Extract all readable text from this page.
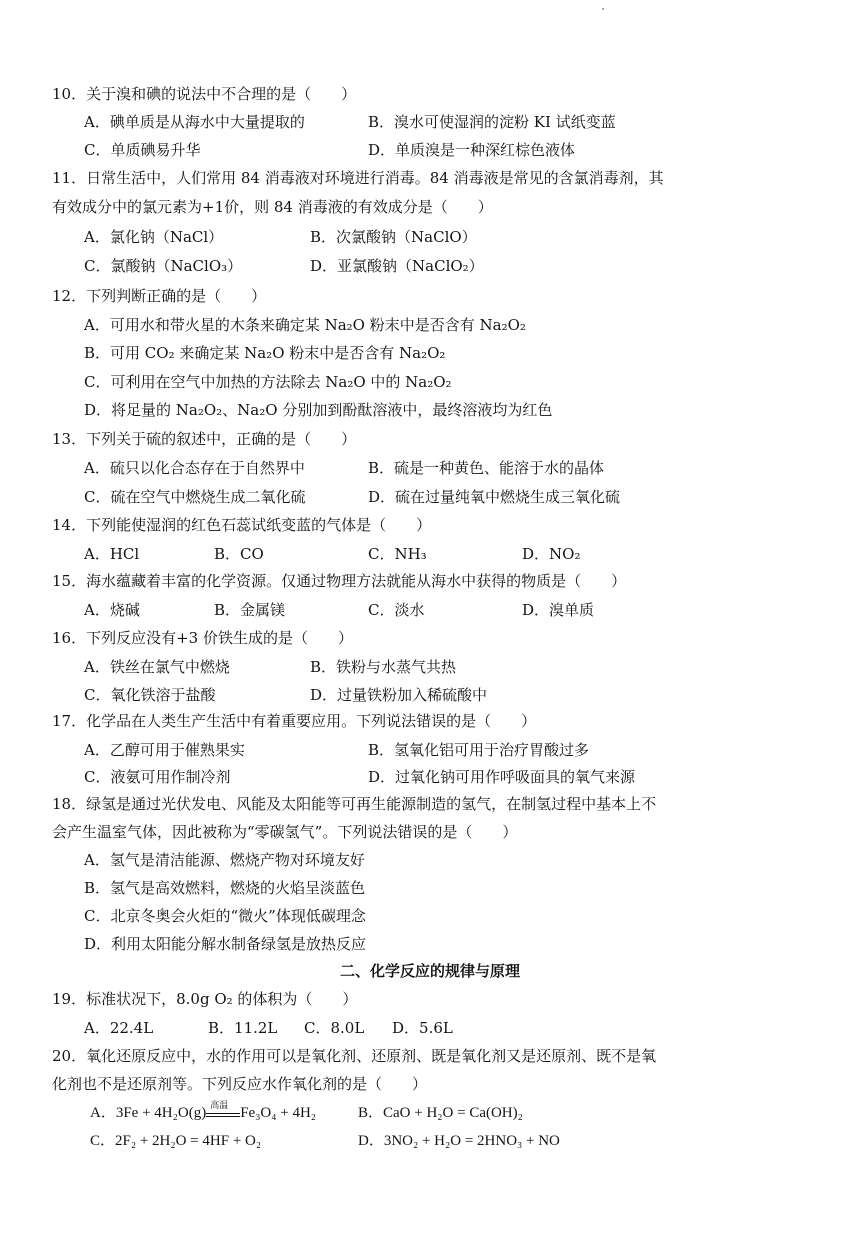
10．关于溴和碘的说法中不合理的是（　　）
A．碘单质是从海水中大量提取的	B．溴水可使湿润的淀粉 KI 试纸变蓝
C．单质碘易升华	D．单质溴是一种深红棕色液体
11．日常生活中，人们常用 84 消毒液对环境进行消毒。84 消毒液是常见的含氯消毒剂，其
有效成分中的氯元素为+1价，则 84 消毒液的有效成分是（　　）
A．氯化钠（NaCl）	B．次氯酸钠（NaClO）
C．氯酸钠（NaClO₃）	D．亚氯酸钠（NaClO₂）
12．下列判断正确的是（　　）
A．可用水和带火星的木条来确定某 Na₂O 粉末中是否含有 Na₂O₂
B．可用 CO₂ 来确定某 Na₂O 粉末中是否含有 Na₂O₂
C．可利用在空气中加热的方法除去 Na₂O 中的 Na₂O₂
D．将足量的 Na₂O₂、Na₂O 分别加到酚酞溶液中，最终溶液均为红色
13．下列关于硫的叙述中，正确的是（　　）
A．硫只以化合态存在于自然界中	B．硫是一种黄色、能溶于水的晶体
C．硫在空气中燃烧生成二氧化硫	D．硫在过量纯氧中燃烧生成三氧化硫
14．下列能使湿润的红色石蕊试纸变蓝的气体是（　　）
A．HCl	B．CO	C．NH₃	D．NO₂
15．海水蕴藏着丰富的化学资源。仅通过物理方法就能从海水中获得的物质是（　　）
A．烧碱	B．金属镁	C．淡水	D．溴单质
16．下列反应没有+3 价铁生成的是（　　）
A．铁丝在氯气中燃烧	B．铁粉与水蒸气共热
C．氧化铁溶于盐酸	D．过量铁粉加入稀硫酸中
17．化学品在人类生产生活中有着重要应用。下列说法错误的是（　　）
A．乙醇可用于催熟果实	B．氢氧化铝可用于治疗胃酸过多
C．液氨可用作制冷剂	D．过氧化钠可用作呼吸面具的氧气来源
18．绿氢是通过光伏发电、风能及太阳能等可再生能源制造的氢气，在制氢过程中基本上不
会产生温室气体，因此被称为“零碳氢气”。下列说法错误的是（　　）
A．氢气是清洁能源、燃烧产物对环境友好
B．氢气是高效燃料，燃烧的火焰呈淡蓝色
C．北京冬奥会火炬的“微火”体现低碳理念
D．利用太阳能分解水制备绿氢是放热反应
二、化学反应的规律与原理
19．标准状况下，8.0g O₂ 的体积为（　　）
A．22.4L	B．11.2L C．8.0L D．5.6L
20．氧化还原反应中，水的作用可以是氧化剂、还原剂、既是氧化剂又是还原剂、既不是氧
化剂也不是还原剂等。下列反应水作氧化剂的是（　　）
A．3Fe + 4H₂O(g) 高温 Fe₃O₄ + 4H₂	B．CaO + H₂O = Ca(OH)₂
C．2F₂ + 2H₂O = 4HF + O₂	D．3NO₂ + H₂O = 2HNO₃ + NO
